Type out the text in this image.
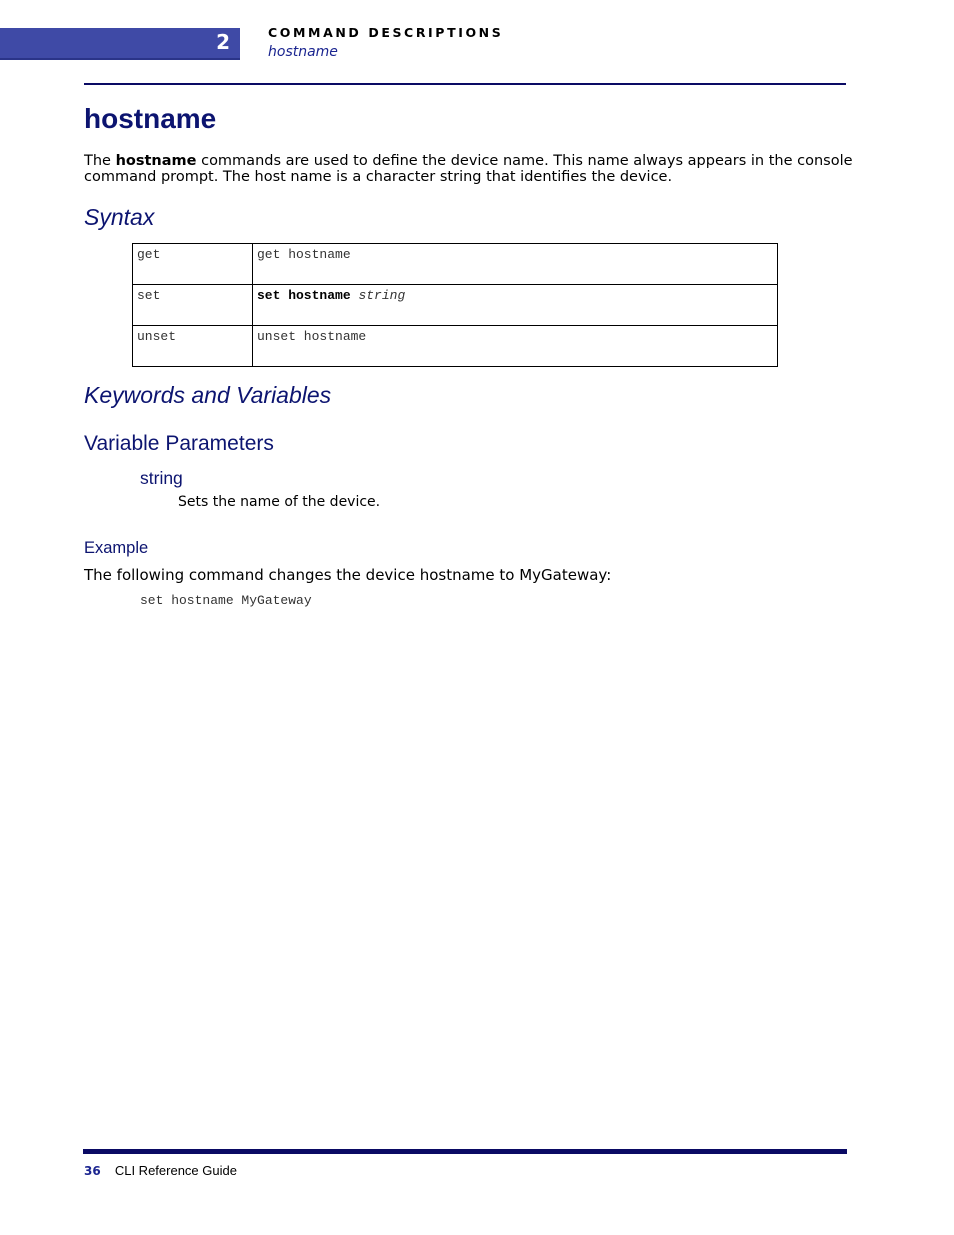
2	COMMAND DESCRIPTIONS
hostname
hostname

The hostname commands are used to define the device name. This name always appears in the console command prompt. The host name is a character string that identifies the device.

Syntax
get	get hostname
set	set hostname string
unset	unset hostname
Keywords and Variables
Variable Parameters
string

Sets the name of the device.

Example

The following command changes the device hostname to MyGateway:

set hostname MyGateway
36 CLI Reference Guide
